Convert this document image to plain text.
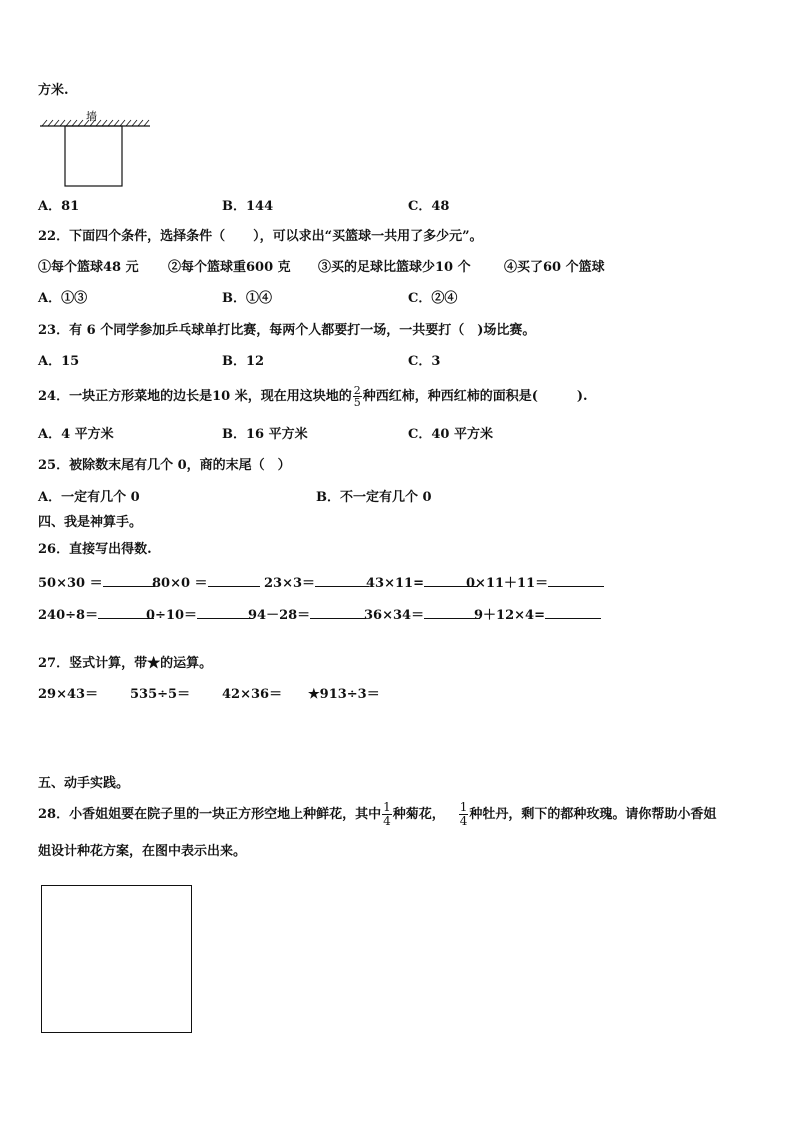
方米.
墙
A．81	B．144	C．48
22．下面四个条件，选择条件（ ），可以求出“买篮球一共用了多少元”。
①每个篮球48 元 ②每个篮球重600 克 ③买的足球比篮球少10 个	④买了60 个篮球
A．①③	B．①④	C．②④
23．有 6 个同学参加乒乓球单打比赛，每两个人都要打一场，一共要打（　)场比赛。
A．15	B．12	C．3
24．一块正方形菜地的边长是10 米，现在用这块地的 $\frac{2}{5}$ 种西红柿，种西红柿的面积是(　　　).
A．4 平方米	B．16 平方米	C．40 平方米
25．被除数末尾有几个 0，商的末尾（　）
A．一定有几个 0	B．不一定有几个 0
四、我是神算手。
26．直接写出得数.
50×30 ＝	80×0 ＝	23×3＝	43×11=	0×11＋11＝
240÷8＝	0÷10＝	94－28＝	36×34＝	9＋12×4=
27．竖式计算，带★的运算。
29×43＝ 535÷5＝ 42×36＝ ★913÷3＝
五、动手实践。
28．小香姐姐要在院子里的一块正方形空地上种鲜花，其中 $\frac{1}{4}$ 种菊花，  $\frac{1}{4}$ 种牡丹，剩下的都种玫瑰。请你帮助小香姐
姐设计种花方案，在图中表示出来。
